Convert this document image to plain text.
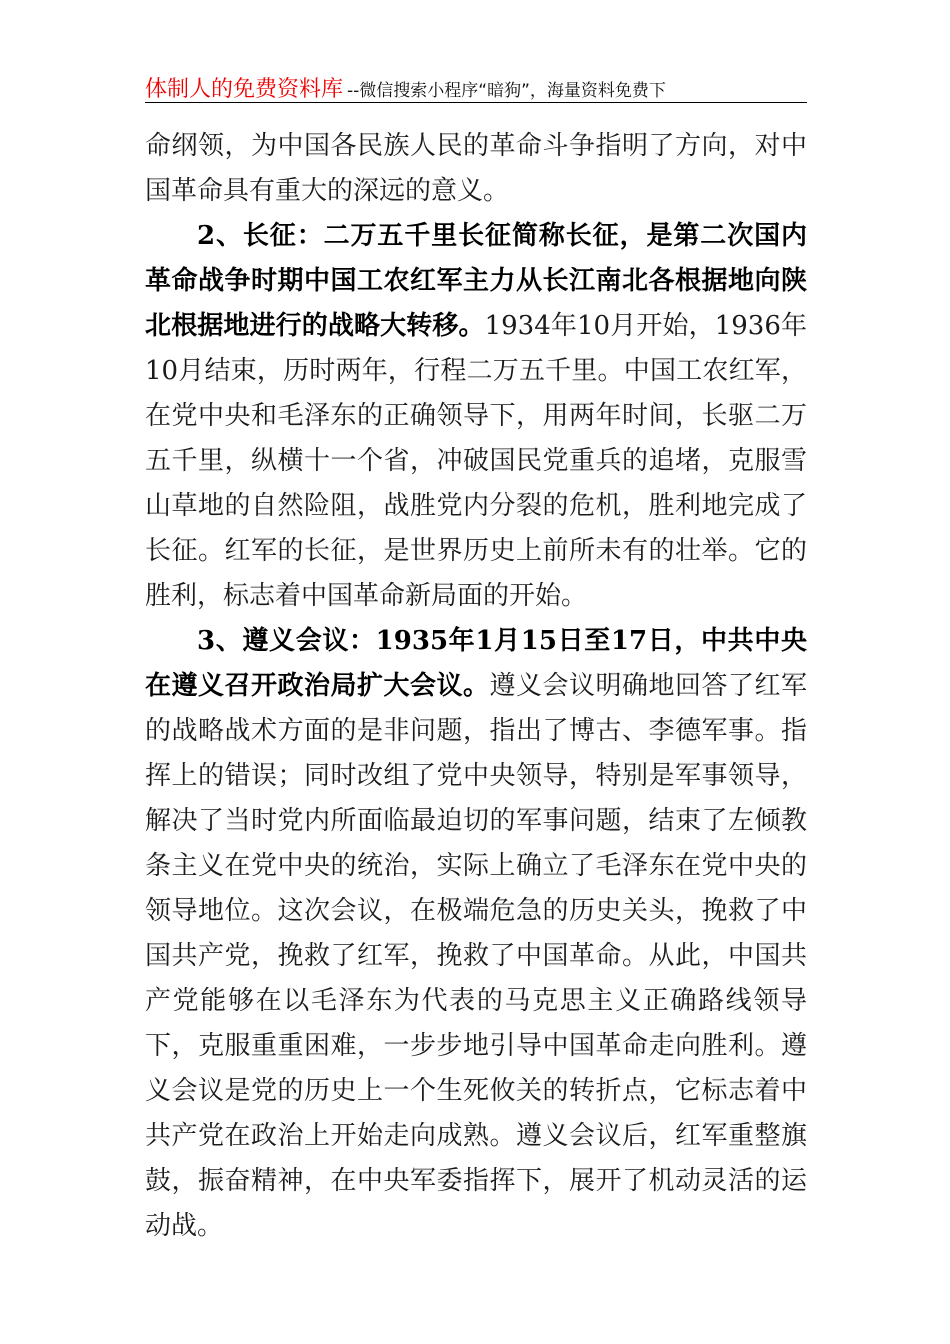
体制人的免费资料库 --微信搜索小程序“暗狗”，海量资料免费下

命纲领，为中国各民族人民的革命斗争指明了方向，对中国革命具有重大的深远的意义。

2、长征：二万五千里长征简称长征，是第二次国内革命战争时期中国工农红军主力从长江南北各根据地向陕北根据地进行的战略大转移。1934年10月开始，1936年10月结束，历时两年，行程二万五千里。中国工农红军，在党中央和毛泽东的正确领导下，用两年时间，长驱二万五千里，纵横十一个省，冲破国民党重兵的追堵，克服雪山草地的自然险阻，战胜党内分裂的危机，胜利地完成了长征。红军的长征，是世界历史上前所未有的壮举。它的胜利，标志着中国革命新局面的开始。

3、遵义会议：1935年1月15日至17日，中共中央在遵义召开政治局扩大会议。遵义会议明确地回答了红军的战略战术方面的是非问题，指出了博古、李德军事。指挥上的错误；同时改组了党中央领导，特别是军事领导，解决了当时党内所面临最迫切的军事问题，结束了左倾教条主义在党中央的统治，实际上确立了毛泽东在党中央的领导地位。这次会议，在极端危急的历史关头，挽救了中国共产党，挽救了红军，挽救了中国革命。从此，中国共产党能够在以毛泽东为代表的马克思主义正确路线领导下，克服重重困难，一步步地引导中国革命走向胜利。遵义会议是党的历史上一个生死攸关的转折点，它标志着中共产党在政治上开始走向成熟。遵义会议后，红军重整旗鼓，振奋精神，在中央军委指挥下，展开了机动灵活的运动战。
